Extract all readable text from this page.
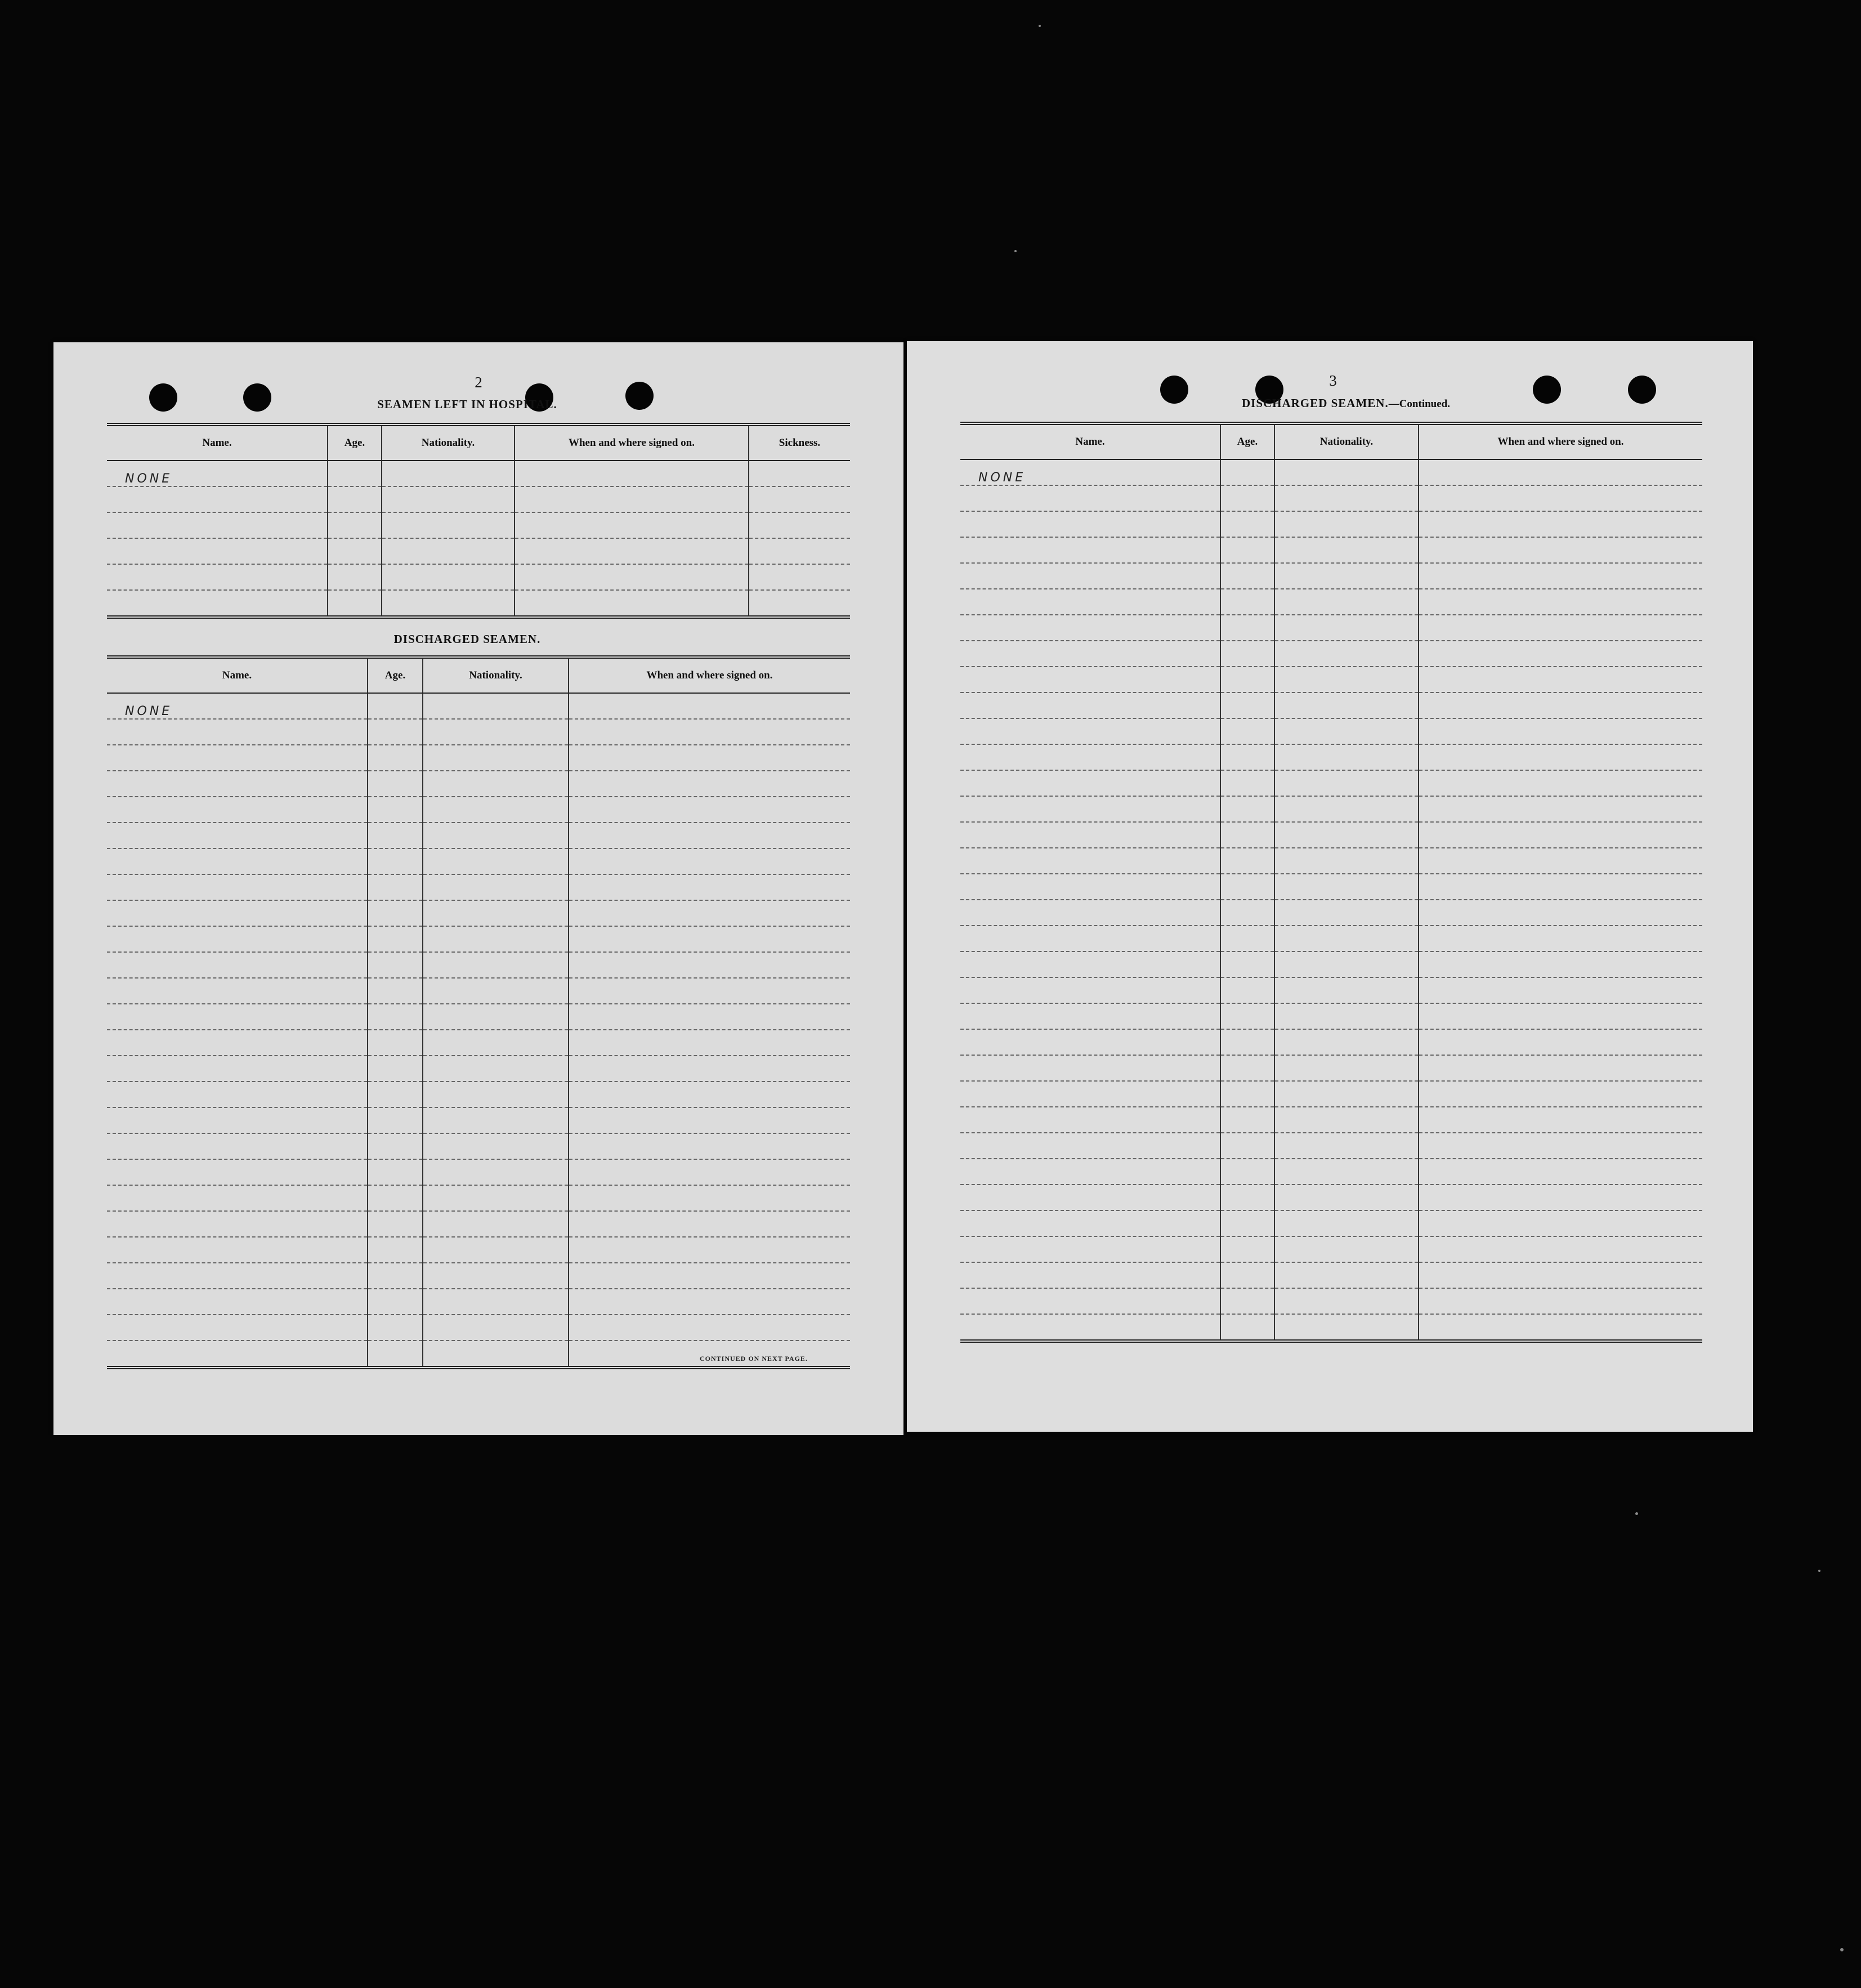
2
SEAMEN LEFT IN HOSPITAL.
Name.	Age.	Nationality.	When and where signed on.	Sickness.
NONE				

DISCHARGED SEAMEN.
Name.	Age.	Nationality.	When and where signed on.
NONE			

CONTINUED ON NEXT PAGE.
3
DISCHARGED SEAMEN.—Continued.
Name.	Age.	Nationality.	When and where signed on.
NONE			
